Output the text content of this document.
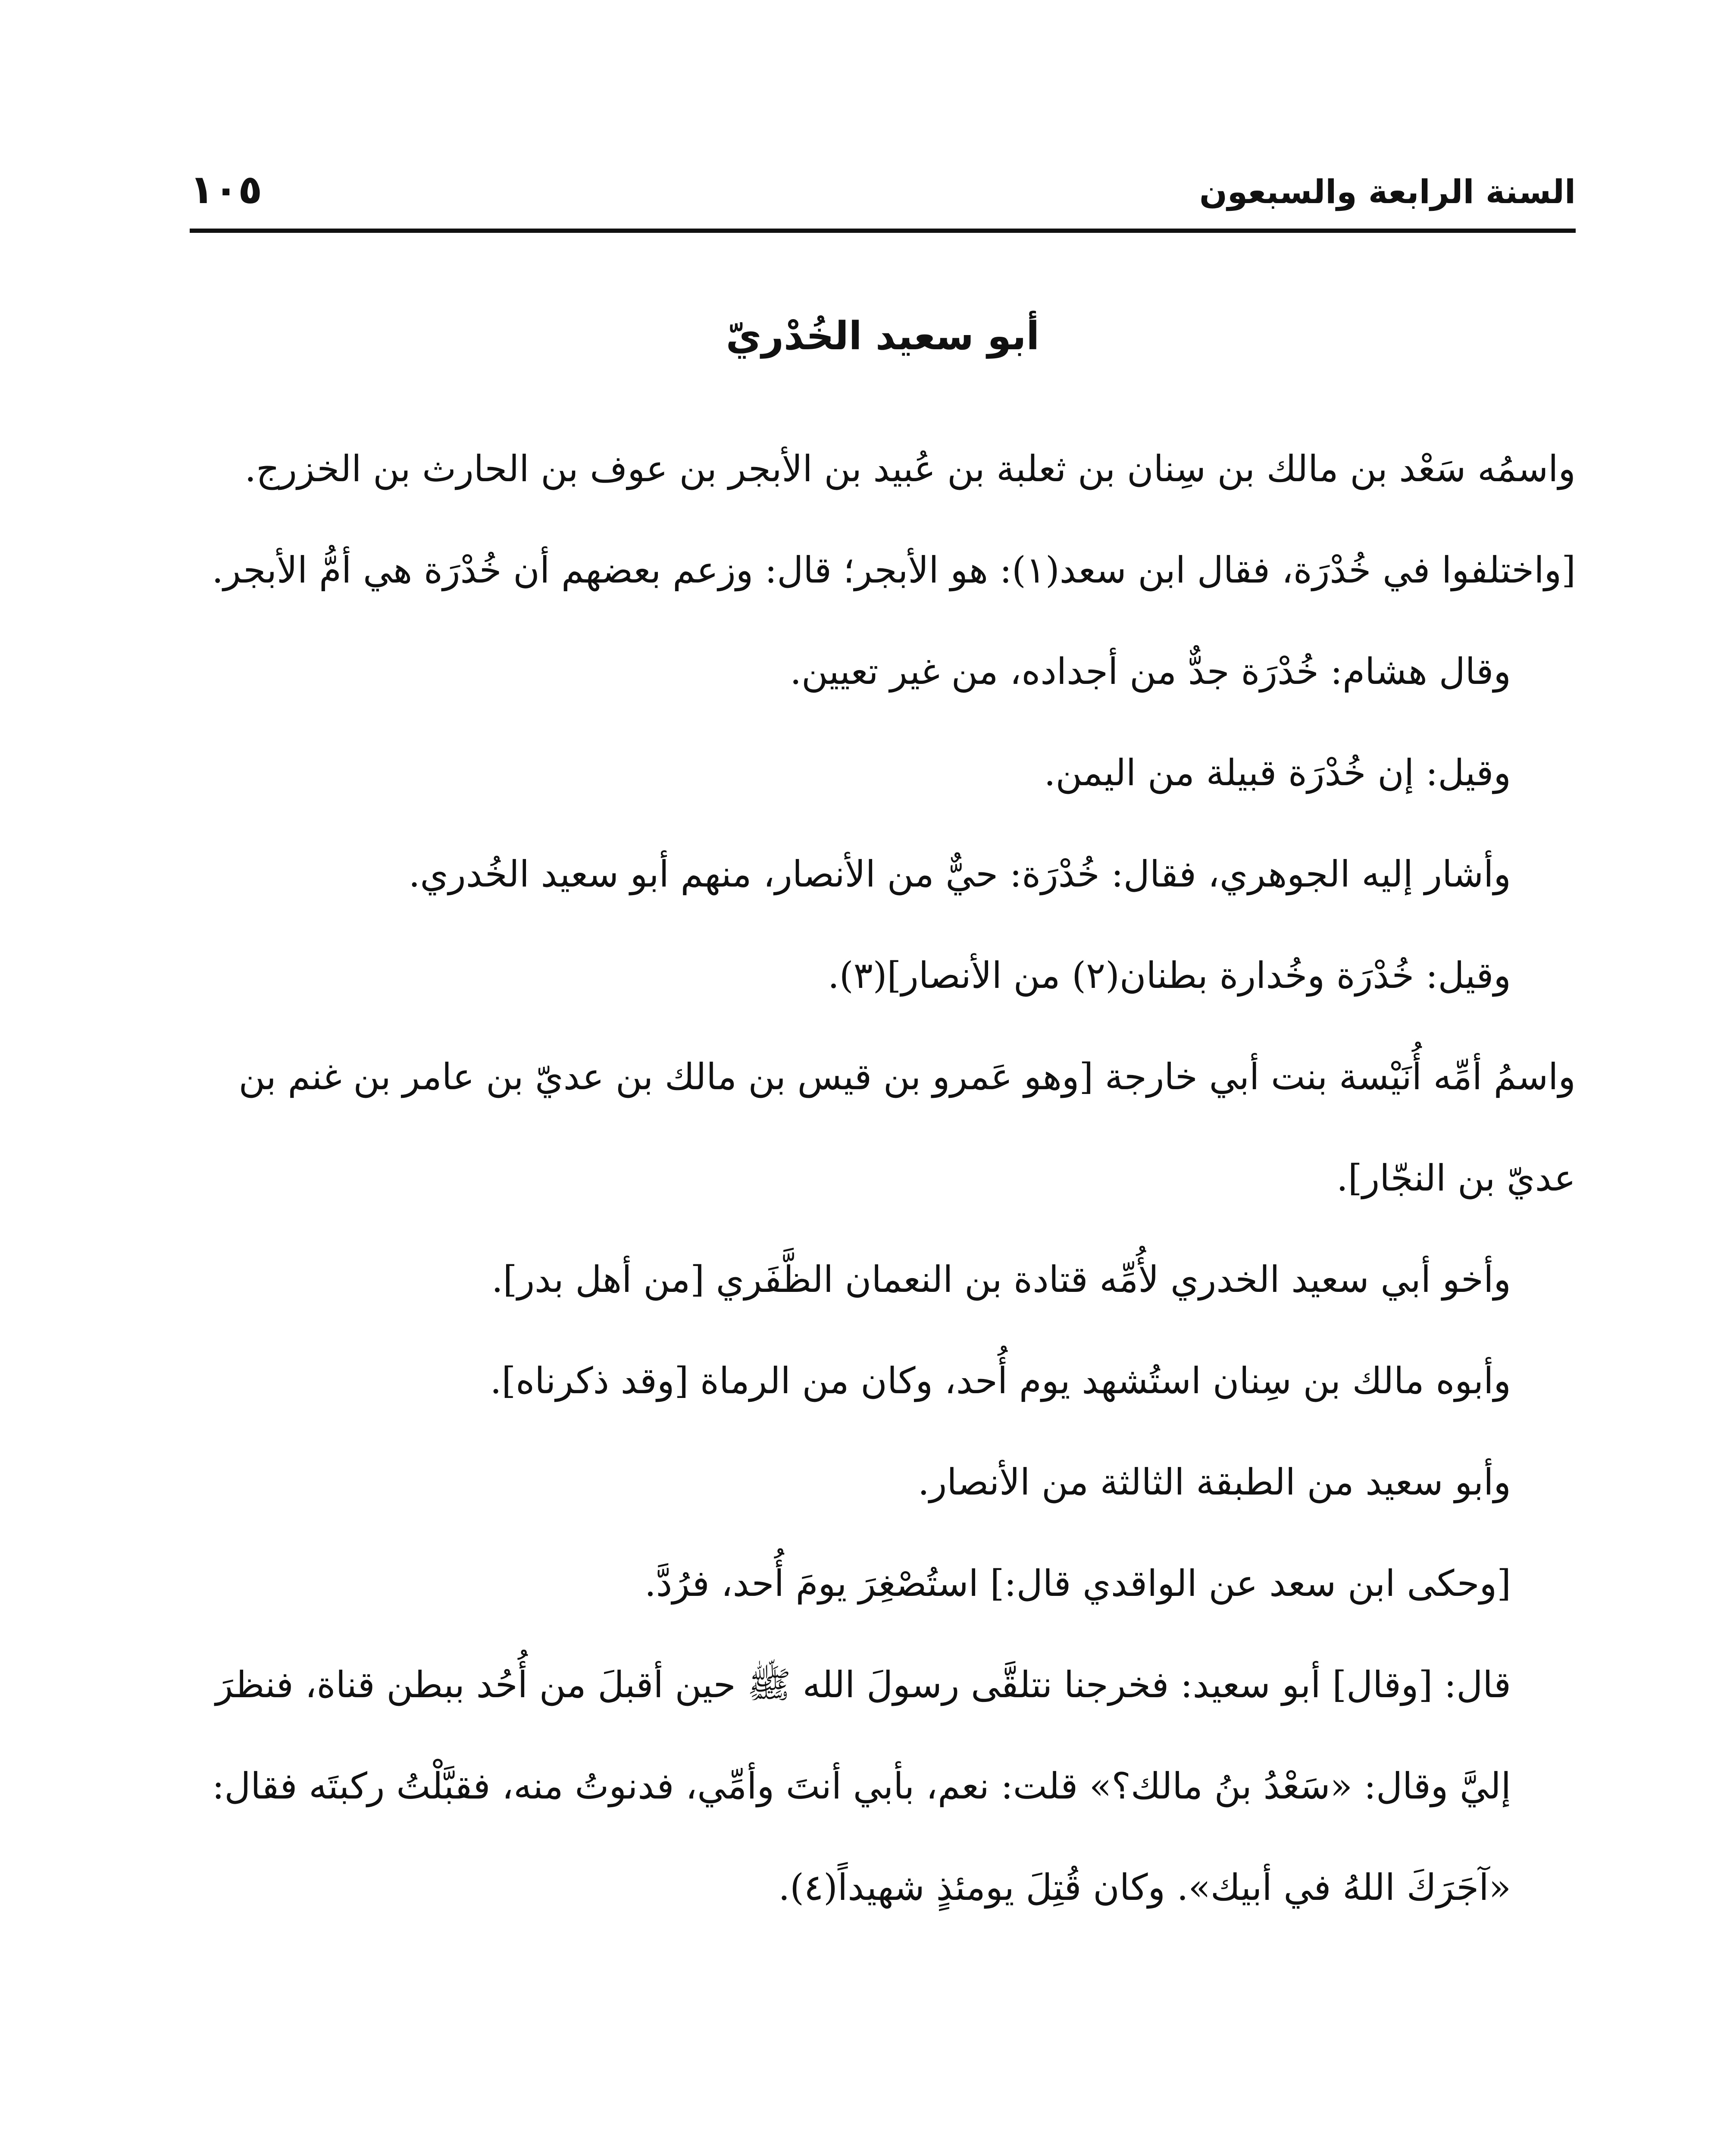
السنة الرابعة والسبعون
١٠٥
أبو سعيد الخُدْريّ

واسمُه سَعْد بن مالك بن سِنان بن ثعلبة بن عُبيد بن الأبجر بن عوف بن الحارث بن الخزرج.

[واختلفوا في خُدْرَة، فقال ابن سعد(١): هو الأبجر؛ قال: وزعم بعضهم أن خُدْرَة هي أمُّ الأبجر.

وقال هشام: خُدْرَة جدٌّ من أجداده، من غير تعيين.

وقيل: إن خُدْرَة قبيلة من اليمن.

وأشار إليه الجوهري، فقال: خُدْرَة: حيٌّ من الأنصار، منهم أبو سعيد الخُدري.

وقيل: خُدْرَة وخُدارة بطنان(٢) من الأنصار](٣).

واسمُ أمِّه أُنَيْسة بنت أبي خارجة [وهو عَمرو بن قيس بن مالك بن عديّ بن عامر بن غنم بن عديّ بن النجّار].

وأخو أبي سعيد الخدري لأُمِّه قتادة بن النعمان الظَّفَري [من أهل بدر].

وأبوه مالك بن سِنان استُشهد يوم أُحد، وكان من الرماة [وقد ذكرناه].

وأبو سعيد من الطبقة الثالثة من الأنصار.

[وحكى ابن سعد عن الواقدي قال:] استُصْغِرَ يومَ أُحد، فرُدَّ.

قال: [وقال] أبو سعيد: فخرجنا نتلقَّى رسولَ الله ﷺ حين أقبلَ من أُحُد ببطن قناة، فنظرَ إليَّ وقال: «سَعْدُ بنُ مالك؟» قلت: نعم، بأبي أنتَ وأمِّي، فدنوتُ منه، فقبَّلْتُ ركبتَه فقال: «آجَرَكَ اللهُ في أبيك». وكان قُتِلَ يومئذٍ شهيداً(٤).
